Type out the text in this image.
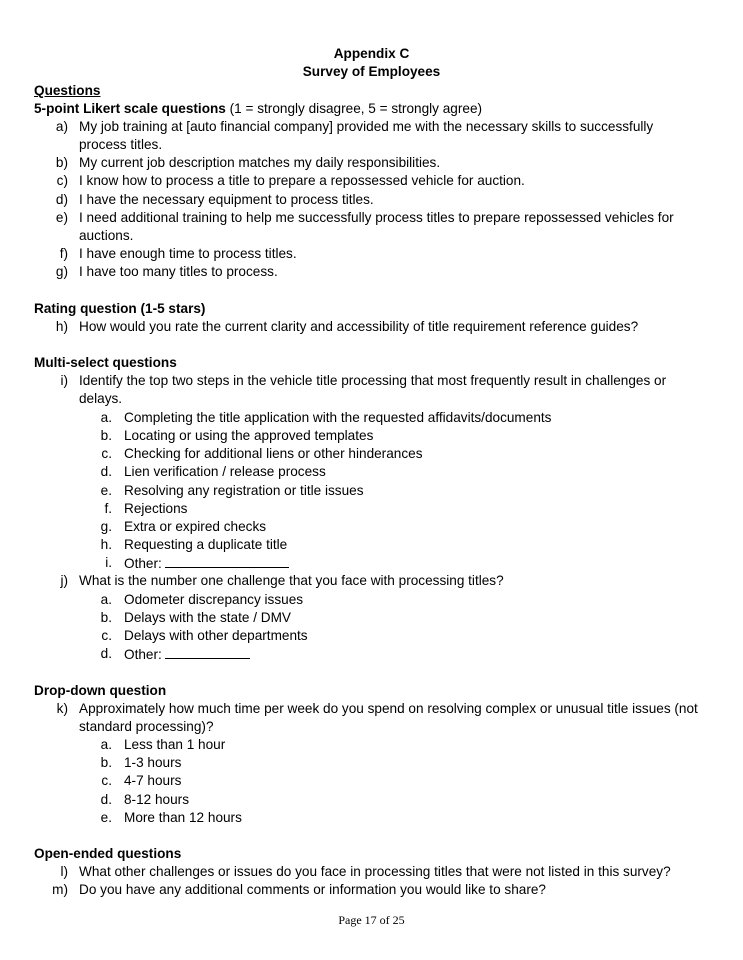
Appendix C
Survey of Employees
Questions
5-point Likert scale questions (1 = strongly disagree, 5 = strongly agree)
a) My job training at [auto financial company] provided me with the necessary skills to successfully
process titles.
b) My current job description matches my daily responsibilities.
c) I know how to process a title to prepare a repossessed vehicle for auction.
d) I have the necessary equipment to process titles.
e) I need additional training to help me successfully process titles to prepare repossessed vehicles for
auctions.
f) I have enough time to process titles.
g) I have too many titles to process.
Rating question (1-5 stars)
h) How would you rate the current clarity and accessibility of title requirement reference guides?
Multi-select questions
i) Identify the top two steps in the vehicle title processing that most frequently result in challenges or
delays.
a. Completing the title application with the requested affidavits/documents
b. Locating or using the approved templates
c. Checking for additional liens or other hinderances
d. Lien verification / release process
e. Resolving any registration or title issues
f. Rejections
g. Extra or expired checks
h. Requesting a duplicate title
i. Other:
j) What is the number one challenge that you face with processing titles?
a. Odometer discrepancy issues
b. Delays with the state / DMV
c. Delays with other departments
d. Other:
Drop-down question
k) Approximately how much time per week do you spend on resolving complex or unusual title issues (not
standard processing)?
a. Less than 1 hour
b. 1-3 hours
c. 4-7 hours
d. 8-12 hours
e. More than 12 hours
Open-ended questions
l) What other challenges or issues do you face in processing titles that were not listed in this survey?
m) Do you have any additional comments or information you would like to share?
Page 17 of 25
